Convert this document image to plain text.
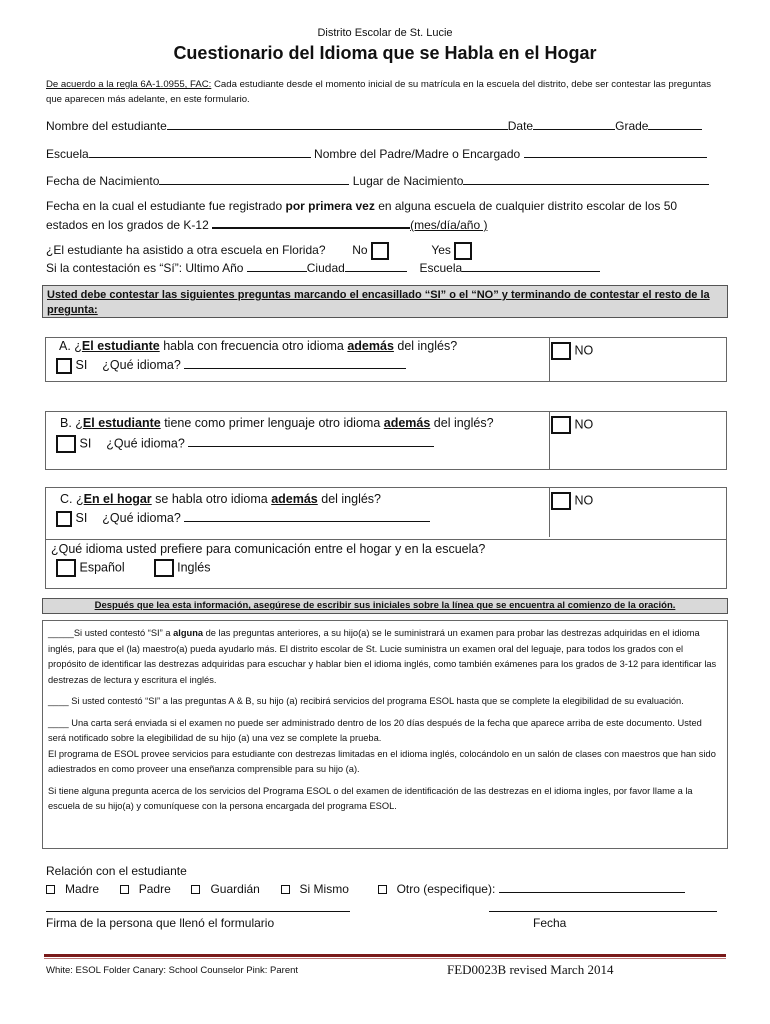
Distrito Escolar de St. Lucie
Cuestionario del Idioma que se Habla en el Hogar
De acuerdo a la regla 6A-1.0955, FAC: Cada estudiante desde el momento inicial de su matrícula en la escuela del distrito, debe ser contestar las preguntas que aparecen más adelante, en este formulario.
Nombre del estudiante	Date	Grade
Escuela	Nombre del Padre/Madre o Encargado
Fecha de Nacimiento	Lugar de Nacimiento
Fecha en la cual el estudiante fue registrado por primera vez en alguna escuela de cualquier distrito escolar de los 50
estados en los grados de K-12	(mes/día/año )
¿El estudiante ha asistido a otra escuela en Florida? No	Yes
Si la contestación es “Sí”: Ultimo Año	Ciudad	Escuela
Usted debe contestar las siguientes preguntas marcando el encasillado “SI” o el “NO” y terminando de contestar el resto de la pregunta:
A. ¿El estudiante habla con frecuencia otro idioma además del inglés?
SI ¿Qué idioma?
NO
B. ¿El estudiante tiene como primer lenguaje otro idioma además del inglés?
SI ¿Qué idioma?
NO
C. ¿En el hogar se habla otro idioma además del inglés?
SI ¿Qué idioma?
NO
¿Qué idioma usted prefiere para comunicación entre el hogar y en la escuela?
Español	Inglés
Después que lea esta información, asegúrese de escribir sus iniciales sobre la línea que se encuentra al comienzo de la oración.

_____Si usted contestó “SI” a alguna de las preguntas anteriores, a su hijo(a) se le suministrará un examen para probar las destrezas adquiridas en el idioma inglés, para que el (la) maestro(a) pueda ayudarlo más. El distrito escolar de St. Lucie suministra un examen oral del leguaje, para todos los grados con el propósito de identificar las destrezas adquiridas para escuchar y hablar bien el idioma inglés, como también exámenes para los grados de 3-12 para identificar las destrezas de lectura y escritura el inglés.

____ Si usted contestó “SI” a las preguntas A & B, su hijo (a) recibirá servicios del programa ESOL hasta que se complete la elegibilidad de su evaluación.

____ Una carta será enviada si el examen no puede ser administrado dentro de los 20 días después de la fecha que aparece arriba de este documento. Usted será notificado sobre la elegibilidad de su hijo (a) una vez se complete la prueba.

El programa de ESOL provee servicios para estudiante con destrezas limitadas en el idioma inglés, colocándolo en un salón de clases con maestros que han sido adiestrados en como proveer una enseñanza comprensible para su hijo (a).

Si tiene alguna pregunta acerca de los servicios del Programa ESOL o del examen de identificación de las destrezas en el idioma ingles, por favor llame a la escuela de su hijo(a) y comuníquese con la persona encargada del programa ESOL.

Relación con el estudiante
Madre	Padre	Guardián	Si Mismo	Otro (especifique):
Firma de la persona que llenó el formulario	Fecha
White: ESOL Folder Canary: School Counselor Pink: Parent	FED0023B revised March 2014
